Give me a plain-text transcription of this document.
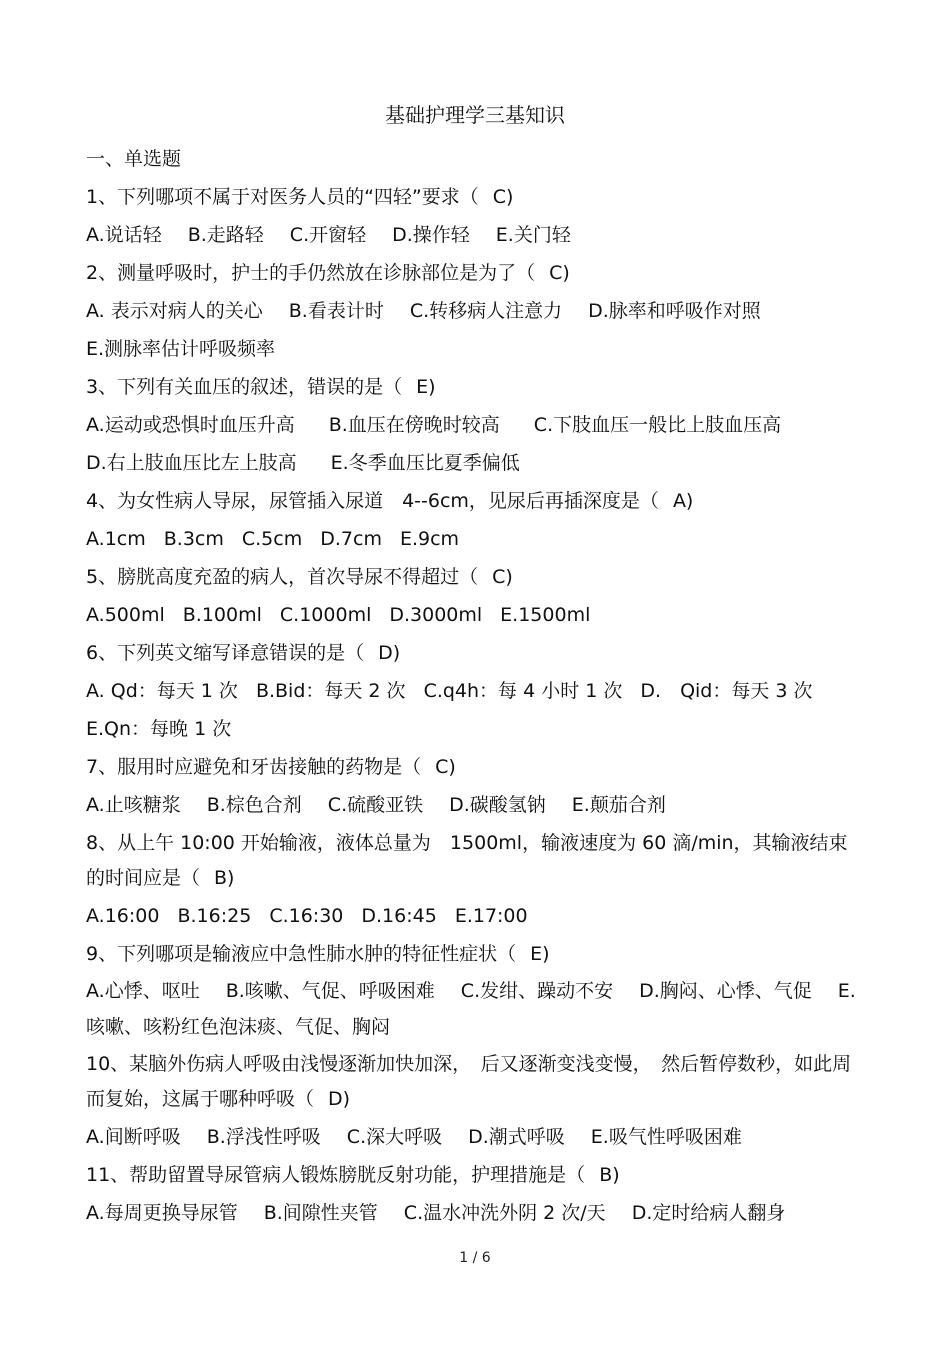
基础护理学三基知识
一、单选题
1、下列哪项不属于对医务人员的“四轻”要求（ C)
A.说话轻 B.走路轻 C.开窗轻 D.操作轻 E.关门轻
2、测量呼吸时，护士的手仍然放在诊脉部位是为了（ C)
A. 表示对病人的关心 B.看表计时 C.转移病人注意力 D.脉率和呼吸作对照
E.测脉率估计呼吸频率
3、下列有关血压的叙述，错误的是（ E)
A.运动或恐惧时血压升高 B.血压在傍晚时较高 C.下肢血压一般比上肢血压高
D.右上肢血压比左上肢高 E.冬季血压比夏季偏低
4、为女性病人导尿，尿管插入尿道　4--6cm，见尿后再插深度是（ A)
A.1cm B.3cm C.5cm D.7cm E.9cm
5、膀胱高度充盈的病人，首次导尿不得超过（ C)
A.500ml B.100ml C.1000ml D.3000ml E.1500ml
6、下列英文缩写译意错误的是（ D)
A. Qd：每天 1 次 B.Bid：每天 2 次 C.q4h：每 4 小时 1 次 D.　Qid：每天 3 次
E.Qn：每晚 1 次
7、服用时应避免和牙齿接触的药物是（ C)
A.止咳糖浆 B.棕色合剂 C.硫酸亚铁 D.碳酸氢钠 E.颠茄合剂
8、从上午 10:00 开始输液，液体总量为　1500ml，输液速度为 60 滴/min，其输液结束的时间应是（ B)
A.16:00 B.16:25 C.16:30 D.16:45 E.17:00
9、下列哪项是输液应中急性肺水肿的特征性症状（ E)
A.心悸、呕吐 B.咳嗽、气促、呼吸困难 C.发绀、躁动不安 D.胸闷、心悸、气促 E.咳嗽、咳粉红色泡沫痰、气促、胸闷
10、某脑外伤病人呼吸由浅慢逐渐加快加深，　后又逐渐变浅变慢，　然后暂停数秒，如此周而复始，这属于哪种呼吸（ D)
A.间断呼吸 B.浮浅性呼吸 C.深大呼吸 D.潮式呼吸 E.吸气性呼吸困难
11、帮助留置导尿管病人锻炼膀胱反射功能，护理措施是（ B)
A.每周更换导尿管 B.间隙性夹管 C.温水冲洗外阴 2 次/天 D.定时给病人翻身
1 / 6
